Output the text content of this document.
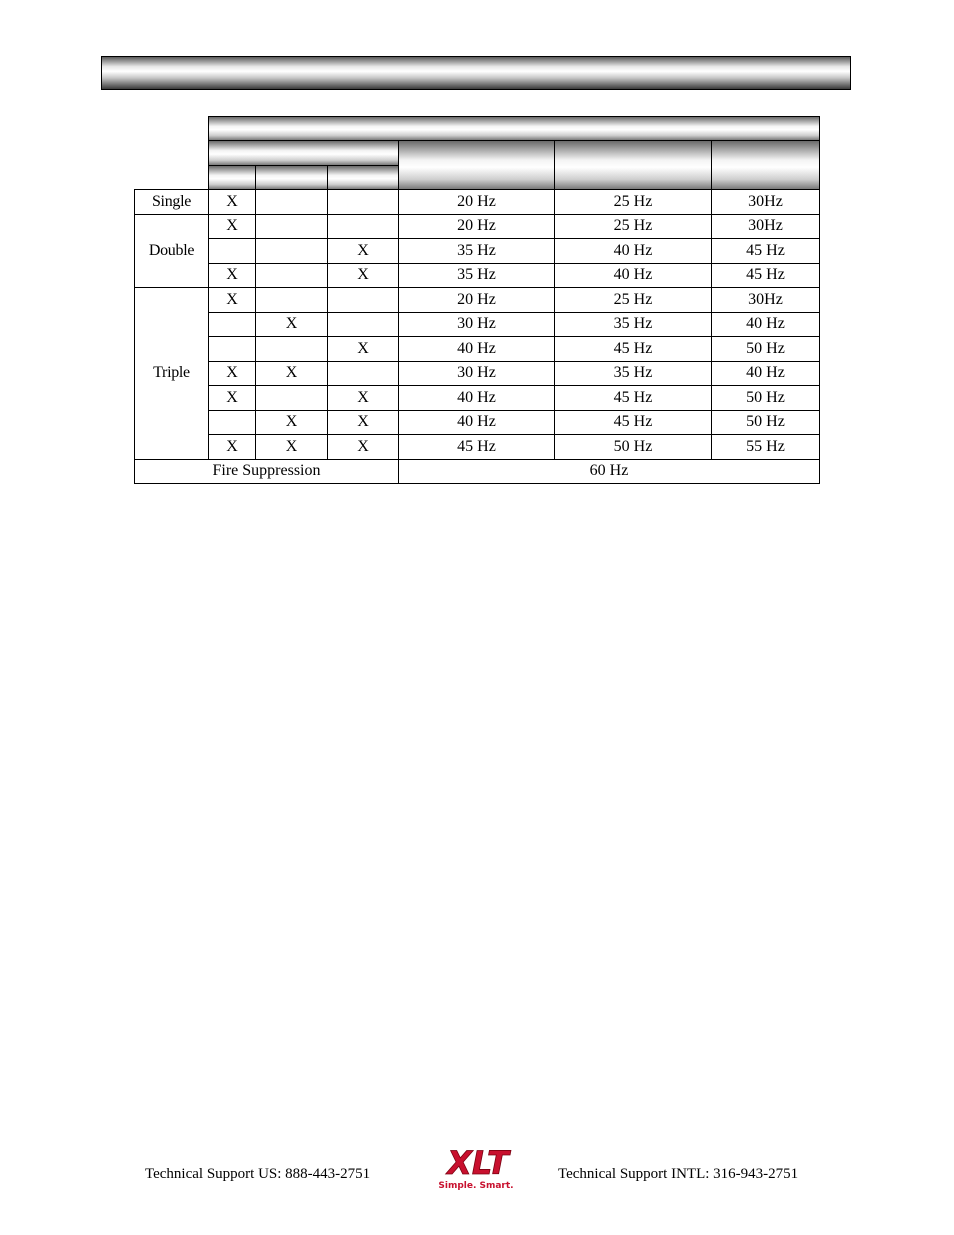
Single	X			20 Hz	25 Hz	30Hz
Double	X			20 Hz	25 Hz	30Hz
			X	35 Hz	40 Hz	45 Hz
	X		X	35 Hz	40 Hz	45 Hz
Triple	X			20 Hz	25 Hz	30Hz
		X		30 Hz	35 Hz	40 Hz
			X	40 Hz	45 Hz	50 Hz
	X	X		30 Hz	35 Hz	40 Hz
	X		X	40 Hz	45 Hz	50 Hz
		X	X	40 Hz	45 Hz	50 Hz
	X	X	X	45 Hz	50 Hz	55 Hz
Fire Suppression				60 Hz		
Technical Support US: 888-443-2751 XLT
Simple. Smart.
Technical Support INTL: 316-943-2751
